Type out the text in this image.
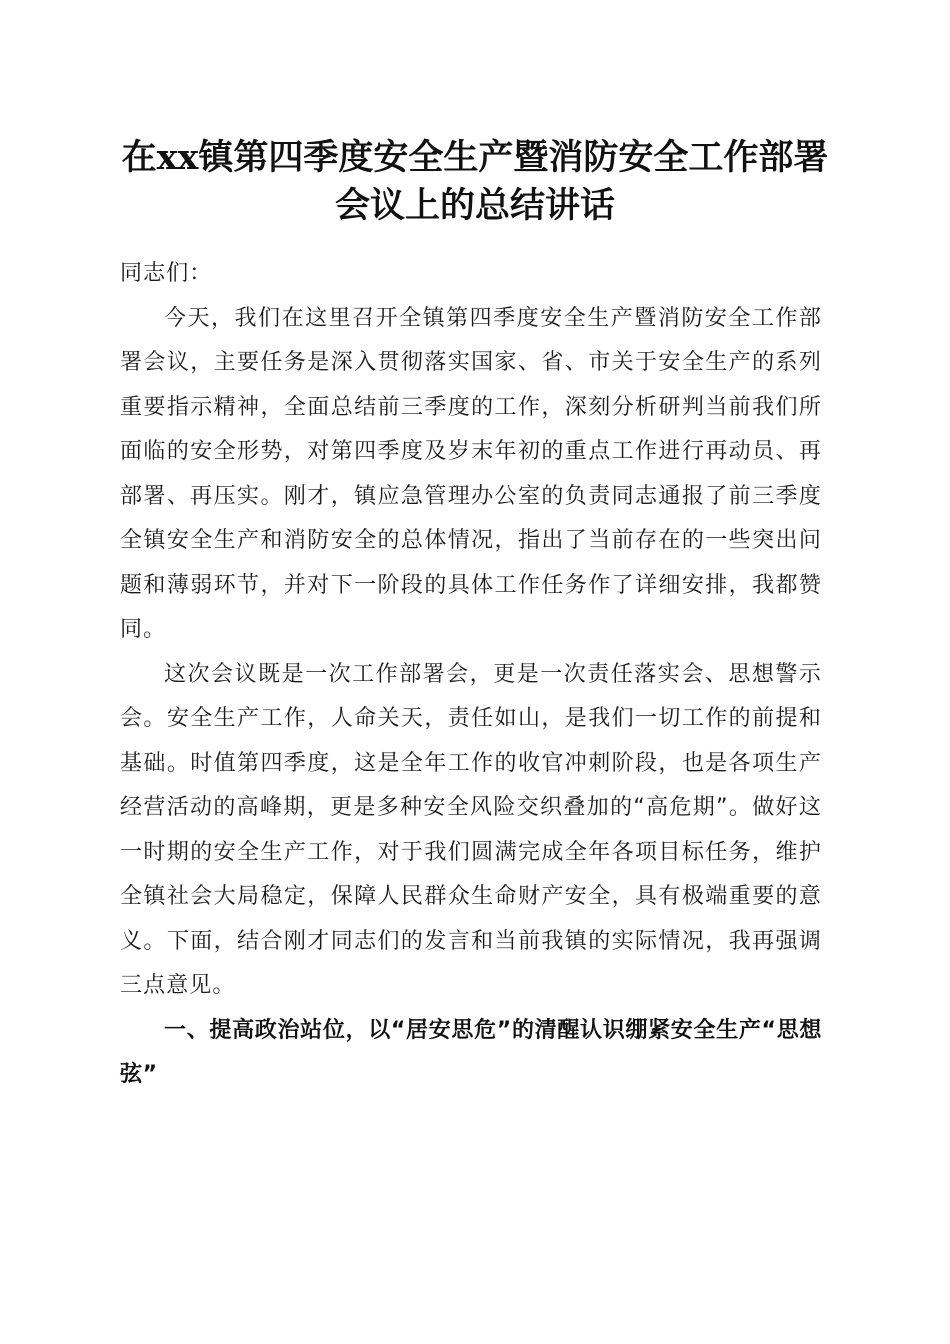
在xx镇第四季度安全生产暨消防安全工作部署会议上的总结讲话

同志们：

今天，我们在这里召开全镇第四季度安全生产暨消防安全工作部署会议，主要任务是深入贯彻落实国家、省、市关于安全生产的系列重要指示精神，全面总结前三季度的工作，深刻分析研判当前我们所面临的安全形势，对第四季度及岁末年初的重点工作进行再动员、再部署、再压实。刚才，镇应急管理办公室的负责同志通报了前三季度全镇安全生产和消防安全的总体情况，指出了当前存在的一些突出问题和薄弱环节，并对下一阶段的具体工作任务作了详细安排，我都赞同。

这次会议既是一次工作部署会，更是一次责任落实会、思想警示会。安全生产工作，人命关天，责任如山，是我们一切工作的前提和基础。时值第四季度，这是全年工作的收官冲刺阶段，也是各项生产经营活动的高峰期，更是多种安全风险交织叠加的“高危期”。做好这一时期的安全生产工作，对于我们圆满完成全年各项目标任务，维护全镇社会大局稳定，保障人民群众生命财产安全，具有极端重要的意义。下面，结合刚才同志们的发言和当前我镇的实际情况，我再强调三点意见。

一、提高政治站位，以“居安思危”的清醒认识绷紧安全生产“思想弦”
